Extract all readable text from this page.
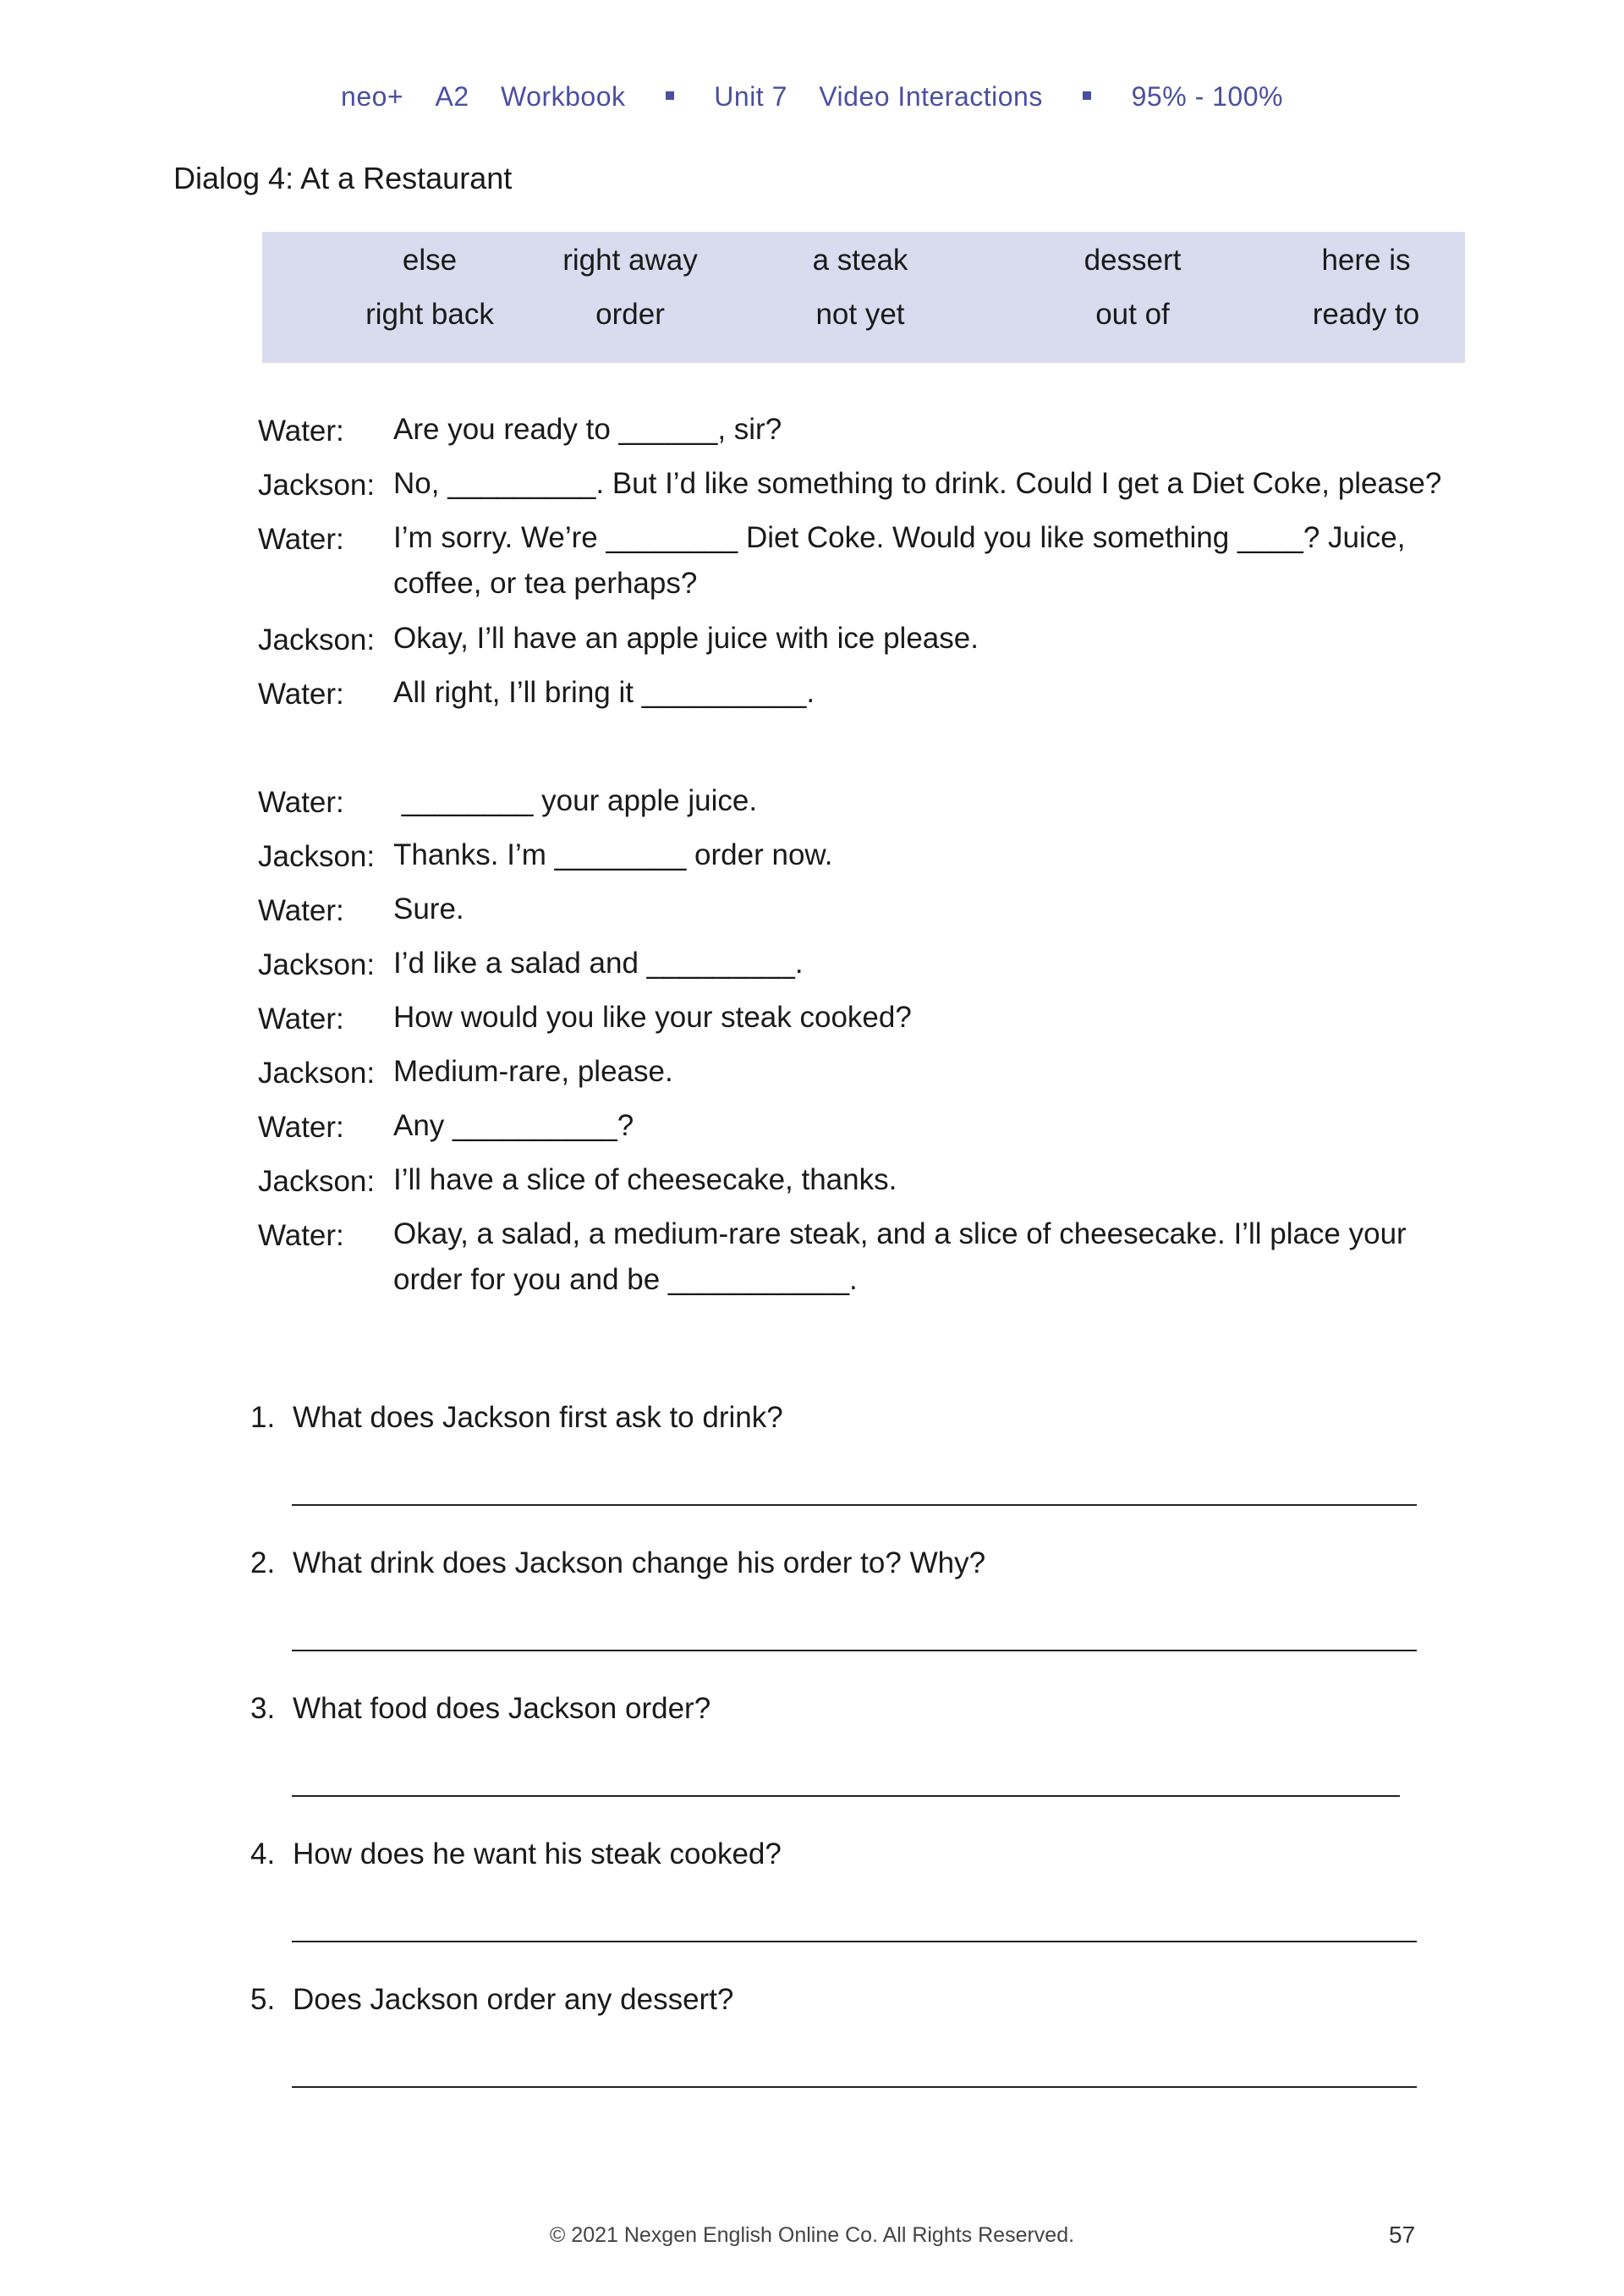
neo+ A2 Workbook	Unit 7 Video Interactions	95% - 100%
Dialog 4: At a Restaurant
else	right away	a steak	dessert	here is
right back	order	not yet	out of	ready to
Water: Are you ready to ______, sir?
Jackson: No, _________. But I’d like something to drink. Could I get a Diet Coke, please?
Water: I’m sorry. We’re ________ Diet Coke. Would you like something ____? Juice, coffee, or tea perhaps?
Jackson: Okay, I’ll have an apple juice with ice please.
Water: All right, I’ll bring it __________.
Water: ________ your apple juice.
Jackson: Thanks. I’m ________ order now.
Water: Sure.
Jackson: I’d like a salad and _________.
Water: How would you like your steak cooked?
Jackson: Medium-rare, please.
Water: Any __________?
Jackson: I’ll have a slice of cheesecake, thanks.
Water: Okay, a salad, a medium-rare steak, and a slice of cheesecake. I’ll place your order for you and be ___________.
1. What does Jackson first ask to drink?
2. What drink does Jackson change his order to? Why?
3. What food does Jackson order?
4. How does he want his steak cooked?
5. Does Jackson order any dessert?
© 2021 Nexgen English Online Co. All Rights Reserved.	57
